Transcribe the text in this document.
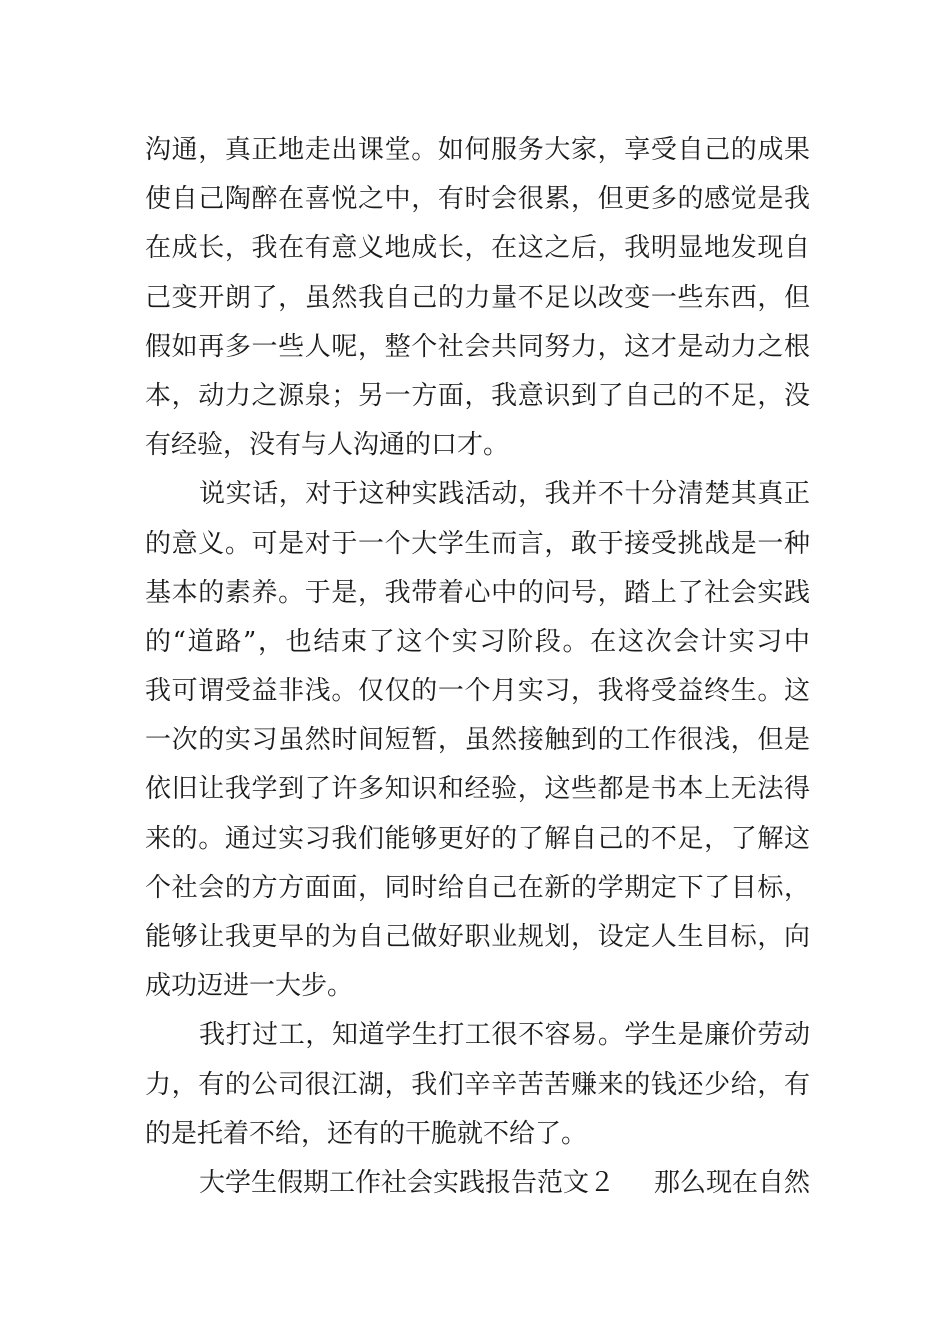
沟通，真正地走出课堂。如何服务大家，享受自己的成果
使自己陶醉在喜悦之中，有时会很累，但更多的感觉是我
在成长，我在有意义地成长，在这之后，我明显地发现自
己变开朗了，虽然我自己的力量不足以改变一些东西，但
假如再多一些人呢，整个社会共同努力，这才是动力之根
本，动力之源泉；另一方面，我意识到了自己的不足，没
有经验，没有与人沟通的口才。
说实话，对于这种实践活动，我并不十分清楚其真正
的意义。可是对于一个大学生而言，敢于接受挑战是一种
基本的素养。于是，我带着心中的问号，踏上了社会实践
的“道路”，也结束了这个实习阶段。在这次会计实习中
我可谓受益非浅。仅仅的一个月实习，我将受益终生。这
一次的实习虽然时间短暂，虽然接触到的工作很浅，但是
依旧让我学到了许多知识和经验，这些都是书本上无法得
来的。通过实习我们能够更好的了解自己的不足，了解这
个社会的方方面面，同时给自己在新的学期定下了目标，
能够让我更早的为自己做好职业规划，设定人生目标，向
成功迈进一大步。
我打过工，知道学生打工很不容易。学生是廉价劳动
力，有的公司很江湖，我们辛辛苦苦赚来的钱还少给，有
的是托着不给，还有的干脆就不给了。
大学生假期工作社会实践报告范文２ 那么现在自然
